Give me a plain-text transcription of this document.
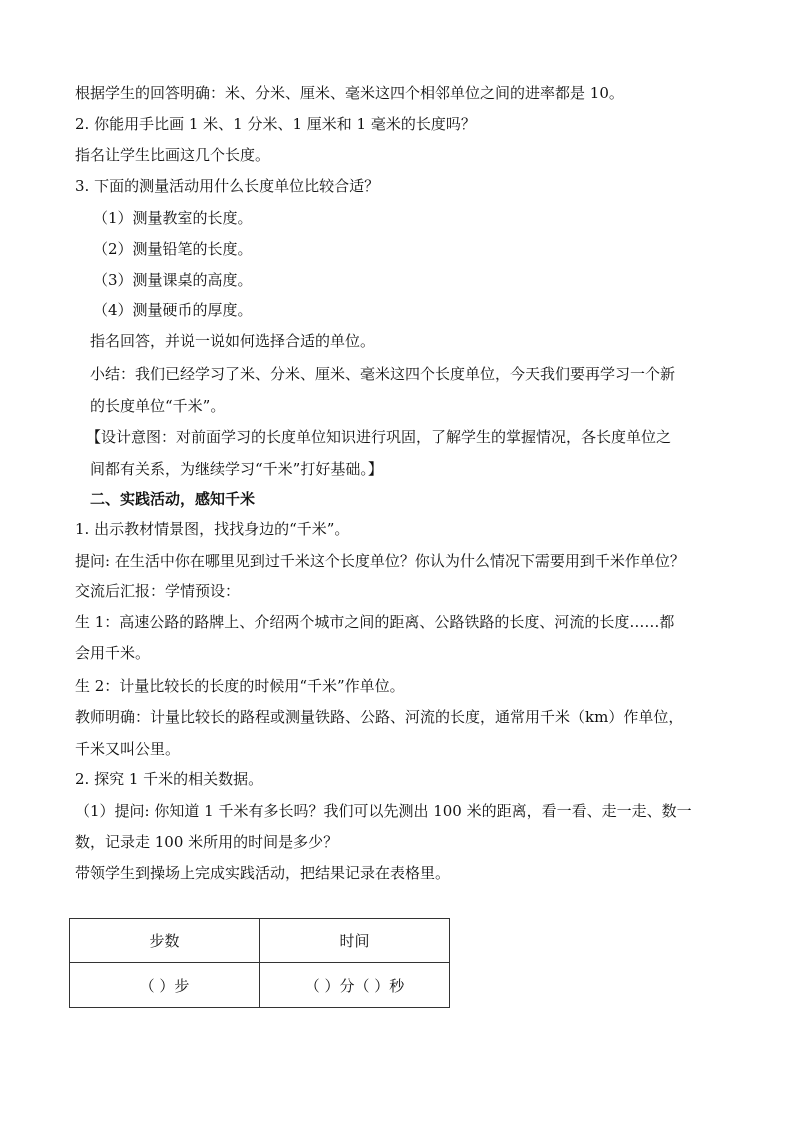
根据学生的回答明确：米、分米、厘米、毫米这四个相邻单位之间的进率都是 10。
2. 你能用手比画 1 米、1 分米、1 厘米和 1 毫米的长度吗？
指名让学生比画这几个长度。
3. 下面的测量活动用什么长度单位比较合适？
（1）测量教室的长度。
（2）测量铅笔的长度。
（3）测量课桌的高度。
（4）测量硬币的厚度。
指名回答，并说一说如何选择合适的单位。
小结：我们已经学习了米、分米、厘米、毫米这四个长度单位，今天我们要再学习一个新
的长度单位“千米”。
【设计意图：对前面学习的长度单位知识进行巩固，了解学生的掌握情况，各长度单位之
间都有关系，为继续学习“千米”打好基础。】
二、实践活动，感知千米
1. 出示教材情景图，找找身边的“千米”。
提问: 在生活中你在哪里见到过千米这个长度单位？你认为什么情况下需要用到千米作单位？
交流后汇报：学情预设：
生 1：高速公路的路牌上、介绍两个城市之间的距离、公路铁路的长度、河流的长度……都
会用千米。
生 2：计量比较长的长度的时候用“千米”作单位。
教师明确：计量比较长的路程或测量铁路、公路、河流的长度，通常用千米（km）作单位，
千米又叫公里。
2. 探究 1 千米的相关数据。
（1）提问: 你知道 1 千米有多长吗？我们可以先测出 100 米的距离，看一看、走一走、数一
数，记录走 100 米所用的时间是多少？
带领学生到操场上完成实践活动，把结果记录在表格里。
步数	时间
（ ）步	（ ）分（ ）秒
